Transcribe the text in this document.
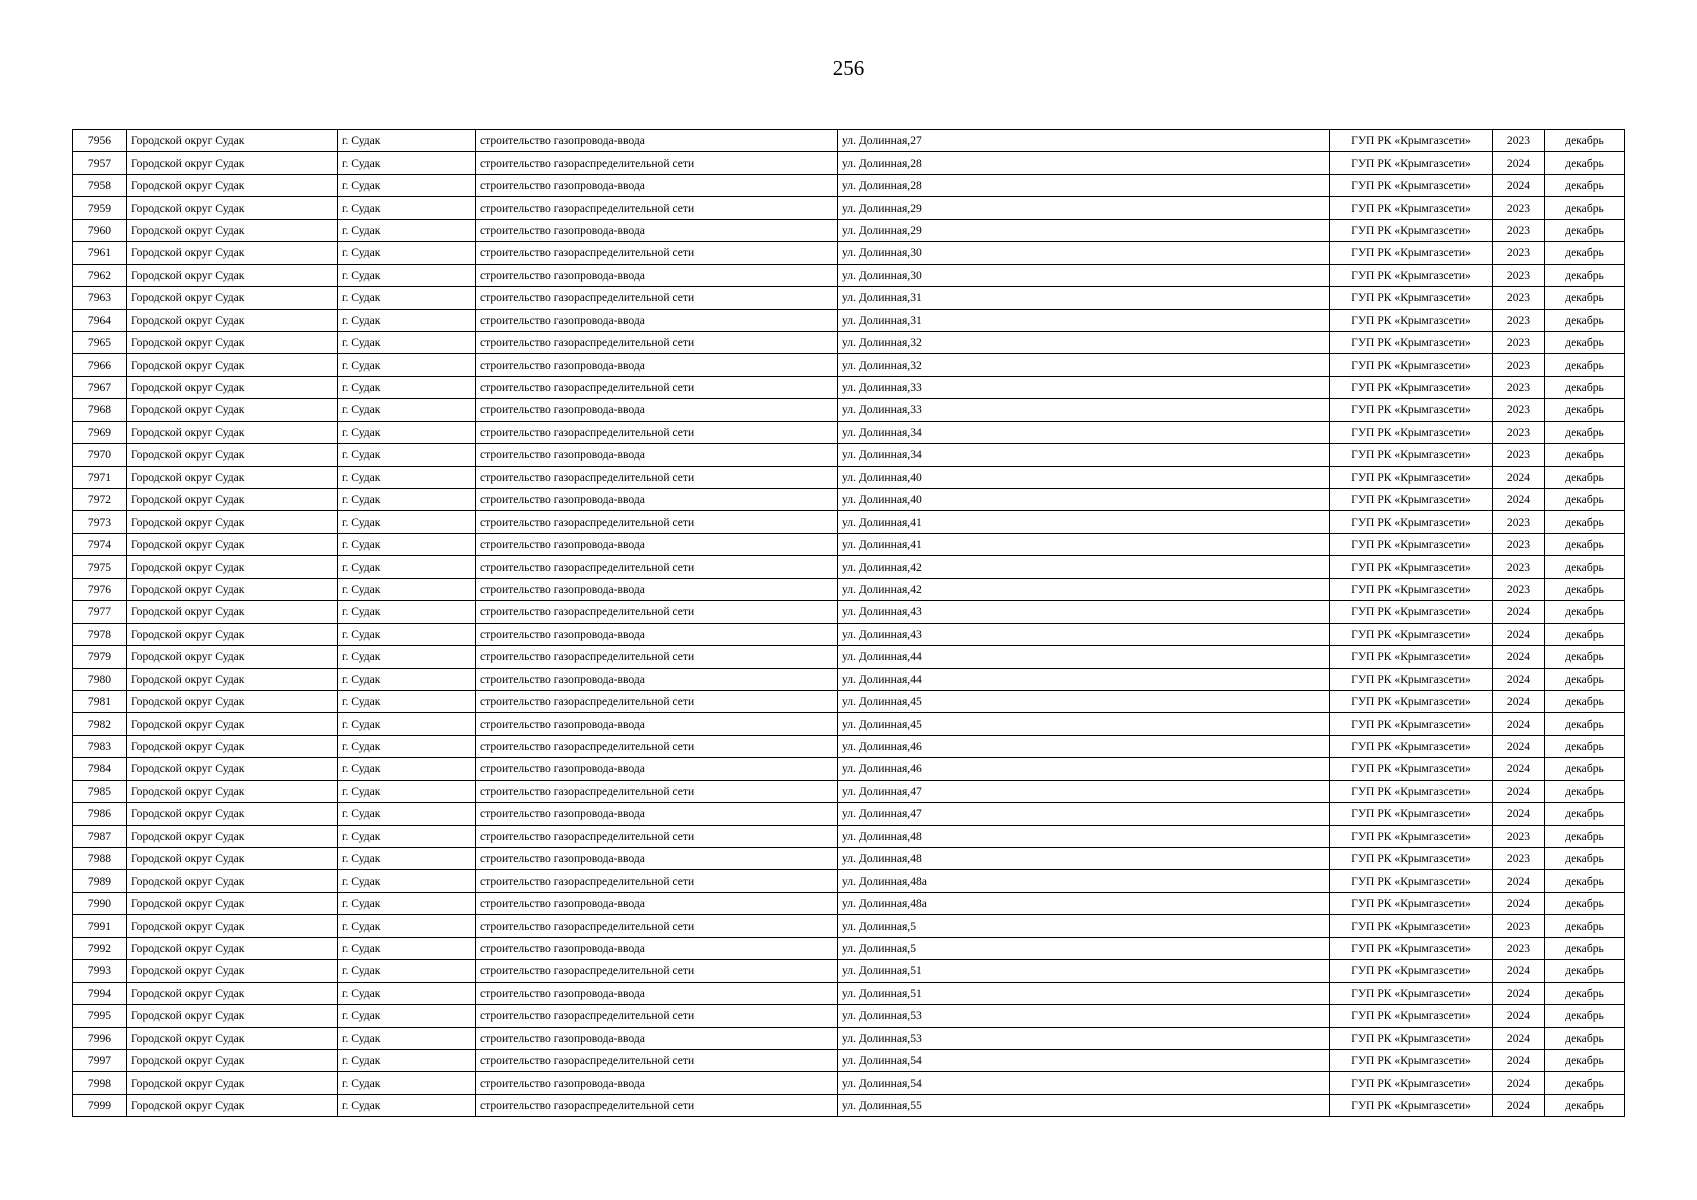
256
7956	Городской округ Судак	г. Судак	строительство газопровода-ввода	ул. Долинная,27	ГУП РК «Крымгазсети»	2023	декабрь
7957	Городской округ Судак	г. Судак	строительство газораспределительной сети	ул. Долинная,28	ГУП РК «Крымгазсети»	2024	декабрь
7958	Городской округ Судак	г. Судак	строительство газопровода-ввода	ул. Долинная,28	ГУП РК «Крымгазсети»	2024	декабрь
7959	Городской округ Судак	г. Судак	строительство газораспределительной сети	ул. Долинная,29	ГУП РК «Крымгазсети»	2023	декабрь
7960	Городской округ Судак	г. Судак	строительство газопровода-ввода	ул. Долинная,29	ГУП РК «Крымгазсети»	2023	декабрь
7961	Городской округ Судак	г. Судак	строительство газораспределительной сети	ул. Долинная,30	ГУП РК «Крымгазсети»	2023	декабрь
7962	Городской округ Судак	г. Судак	строительство газопровода-ввода	ул. Долинная,30	ГУП РК «Крымгазсети»	2023	декабрь
7963	Городской округ Судак	г. Судак	строительство газораспределительной сети	ул. Долинная,31	ГУП РК «Крымгазсети»	2023	декабрь
7964	Городской округ Судак	г. Судак	строительство газопровода-ввода	ул. Долинная,31	ГУП РК «Крымгазсети»	2023	декабрь
7965	Городской округ Судак	г. Судак	строительство газораспределительной сети	ул. Долинная,32	ГУП РК «Крымгазсети»	2023	декабрь
7966	Городской округ Судак	г. Судак	строительство газопровода-ввода	ул. Долинная,32	ГУП РК «Крымгазсети»	2023	декабрь
7967	Городской округ Судак	г. Судак	строительство газораспределительной сети	ул. Долинная,33	ГУП РК «Крымгазсети»	2023	декабрь
7968	Городской округ Судак	г. Судак	строительство газопровода-ввода	ул. Долинная,33	ГУП РК «Крымгазсети»	2023	декабрь
7969	Городской округ Судак	г. Судак	строительство газораспределительной сети	ул. Долинная,34	ГУП РК «Крымгазсети»	2023	декабрь
7970	Городской округ Судак	г. Судак	строительство газопровода-ввода	ул. Долинная,34	ГУП РК «Крымгазсети»	2023	декабрь
7971	Городской округ Судак	г. Судак	строительство газораспределительной сети	ул. Долинная,40	ГУП РК «Крымгазсети»	2024	декабрь
7972	Городской округ Судак	г. Судак	строительство газопровода-ввода	ул. Долинная,40	ГУП РК «Крымгазсети»	2024	декабрь
7973	Городской округ Судак	г. Судак	строительство газораспределительной сети	ул. Долинная,41	ГУП РК «Крымгазсети»	2023	декабрь
7974	Городской округ Судак	г. Судак	строительство газопровода-ввода	ул. Долинная,41	ГУП РК «Крымгазсети»	2023	декабрь
7975	Городской округ Судак	г. Судак	строительство газораспределительной сети	ул. Долинная,42	ГУП РК «Крымгазсети»	2023	декабрь
7976	Городской округ Судак	г. Судак	строительство газопровода-ввода	ул. Долинная,42	ГУП РК «Крымгазсети»	2023	декабрь
7977	Городской округ Судак	г. Судак	строительство газораспределительной сети	ул. Долинная,43	ГУП РК «Крымгазсети»	2024	декабрь
7978	Городской округ Судак	г. Судак	строительство газопровода-ввода	ул. Долинная,43	ГУП РК «Крымгазсети»	2024	декабрь
7979	Городской округ Судак	г. Судак	строительство газораспределительной сети	ул. Долинная,44	ГУП РК «Крымгазсети»	2024	декабрь
7980	Городской округ Судак	г. Судак	строительство газопровода-ввода	ул. Долинная,44	ГУП РК «Крымгазсети»	2024	декабрь
7981	Городской округ Судак	г. Судак	строительство газораспределительной сети	ул. Долинная,45	ГУП РК «Крымгазсети»	2024	декабрь
7982	Городской округ Судак	г. Судак	строительство газопровода-ввода	ул. Долинная,45	ГУП РК «Крымгазсети»	2024	декабрь
7983	Городской округ Судак	г. Судак	строительство газораспределительной сети	ул. Долинная,46	ГУП РК «Крымгазсети»	2024	декабрь
7984	Городской округ Судак	г. Судак	строительство газопровода-ввода	ул. Долинная,46	ГУП РК «Крымгазсети»	2024	декабрь
7985	Городской округ Судак	г. Судак	строительство газораспределительной сети	ул. Долинная,47	ГУП РК «Крымгазсети»	2024	декабрь
7986	Городской округ Судак	г. Судак	строительство газопровода-ввода	ул. Долинная,47	ГУП РК «Крымгазсети»	2024	декабрь
7987	Городской округ Судак	г. Судак	строительство газораспределительной сети	ул. Долинная,48	ГУП РК «Крымгазсети»	2023	декабрь
7988	Городской округ Судак	г. Судак	строительство газопровода-ввода	ул. Долинная,48	ГУП РК «Крымгазсети»	2023	декабрь
7989	Городской округ Судак	г. Судак	строительство газораспределительной сети	ул. Долинная,48а	ГУП РК «Крымгазсети»	2024	декабрь
7990	Городской округ Судак	г. Судак	строительство газопровода-ввода	ул. Долинная,48а	ГУП РК «Крымгазсети»	2024	декабрь
7991	Городской округ Судак	г. Судак	строительство газораспределительной сети	ул. Долинная,5	ГУП РК «Крымгазсети»	2023	декабрь
7992	Городской округ Судак	г. Судак	строительство газопровода-ввода	ул. Долинная,5	ГУП РК «Крымгазсети»	2023	декабрь
7993	Городской округ Судак	г. Судак	строительство газораспределительной сети	ул. Долинная,51	ГУП РК «Крымгазсети»	2024	декабрь
7994	Городской округ Судак	г. Судак	строительство газопровода-ввода	ул. Долинная,51	ГУП РК «Крымгазсети»	2024	декабрь
7995	Городской округ Судак	г. Судак	строительство газораспределительной сети	ул. Долинная,53	ГУП РК «Крымгазсети»	2024	декабрь
7996	Городской округ Судак	г. Судак	строительство газопровода-ввода	ул. Долинная,53	ГУП РК «Крымгазсети»	2024	декабрь
7997	Городской округ Судак	г. Судак	строительство газораспределительной сети	ул. Долинная,54	ГУП РК «Крымгазсети»	2024	декабрь
7998	Городской округ Судак	г. Судак	строительство газопровода-ввода	ул. Долинная,54	ГУП РК «Крымгазсети»	2024	декабрь
7999	Городской округ Судак	г. Судак	строительство газораспределительной сети	ул. Долинная,55	ГУП РК «Крымгазсети»	2024	декабрь
